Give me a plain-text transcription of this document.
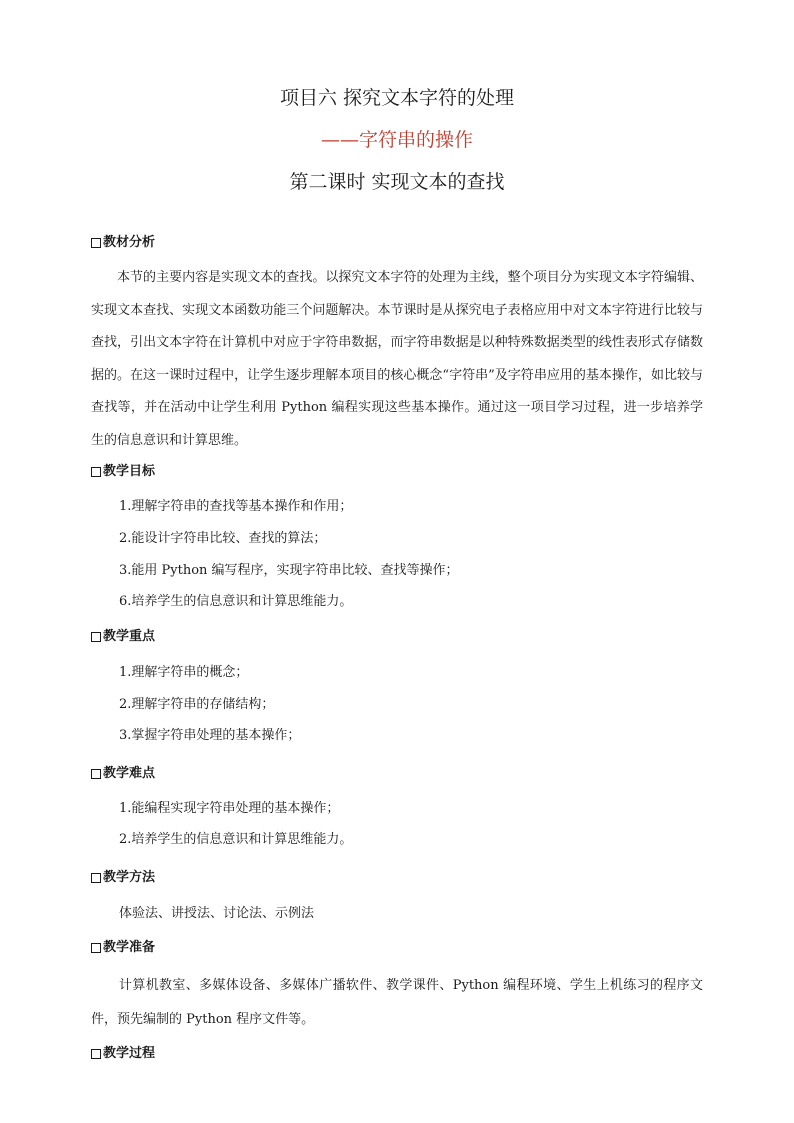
项目六 探究文本字符的处理
——字符串的操作
第二课时 实现文本的查找
教材分析
本节的主要内容是实现文本的查找。以探究文本字符的处理为主线，整个项目分为实现文本字符编辑、实现文本查找、实现文本函数功能三个问题解决。本节课时是从探究电子表格应用中对文本字符进行比较与查找，引出文本字符在计算机中对应于字符串数据，而字符串数据是以种特殊数据类型的线性表形式存储数据的。在这一课时过程中，让学生逐步理解本项目的核心概念“字符串”及字符串应用的基本操作，如比较与查找等，并在活动中让学生利用 Python 编程实现这些基本操作。通过这一项目学习过程，进一步培养学生的信息意识和计算思维。
教学目标
1.理解字符串的查找等基本操作和作用；
2.能设计字符串比较、查找的算法；
3.能用 Python 编写程序，实现字符串比较、查找等操作；
6.培养学生的信息意识和计算思维能力。
教学重点
1.理解字符串的概念；
2.理解字符串的存储结构；
3.掌握字符串处理的基本操作；
教学难点
1.能编程实现字符串处理的基本操作；
2.培养学生的信息意识和计算思维能力。
教学方法
体验法、讲授法、讨论法、示例法
教学准备
计算机教室、多媒体设备、多媒体广播软件、教学课件、Python 编程环境、学生上机练习的程序文件，预先编制的 Python 程序文件等。
教学过程
